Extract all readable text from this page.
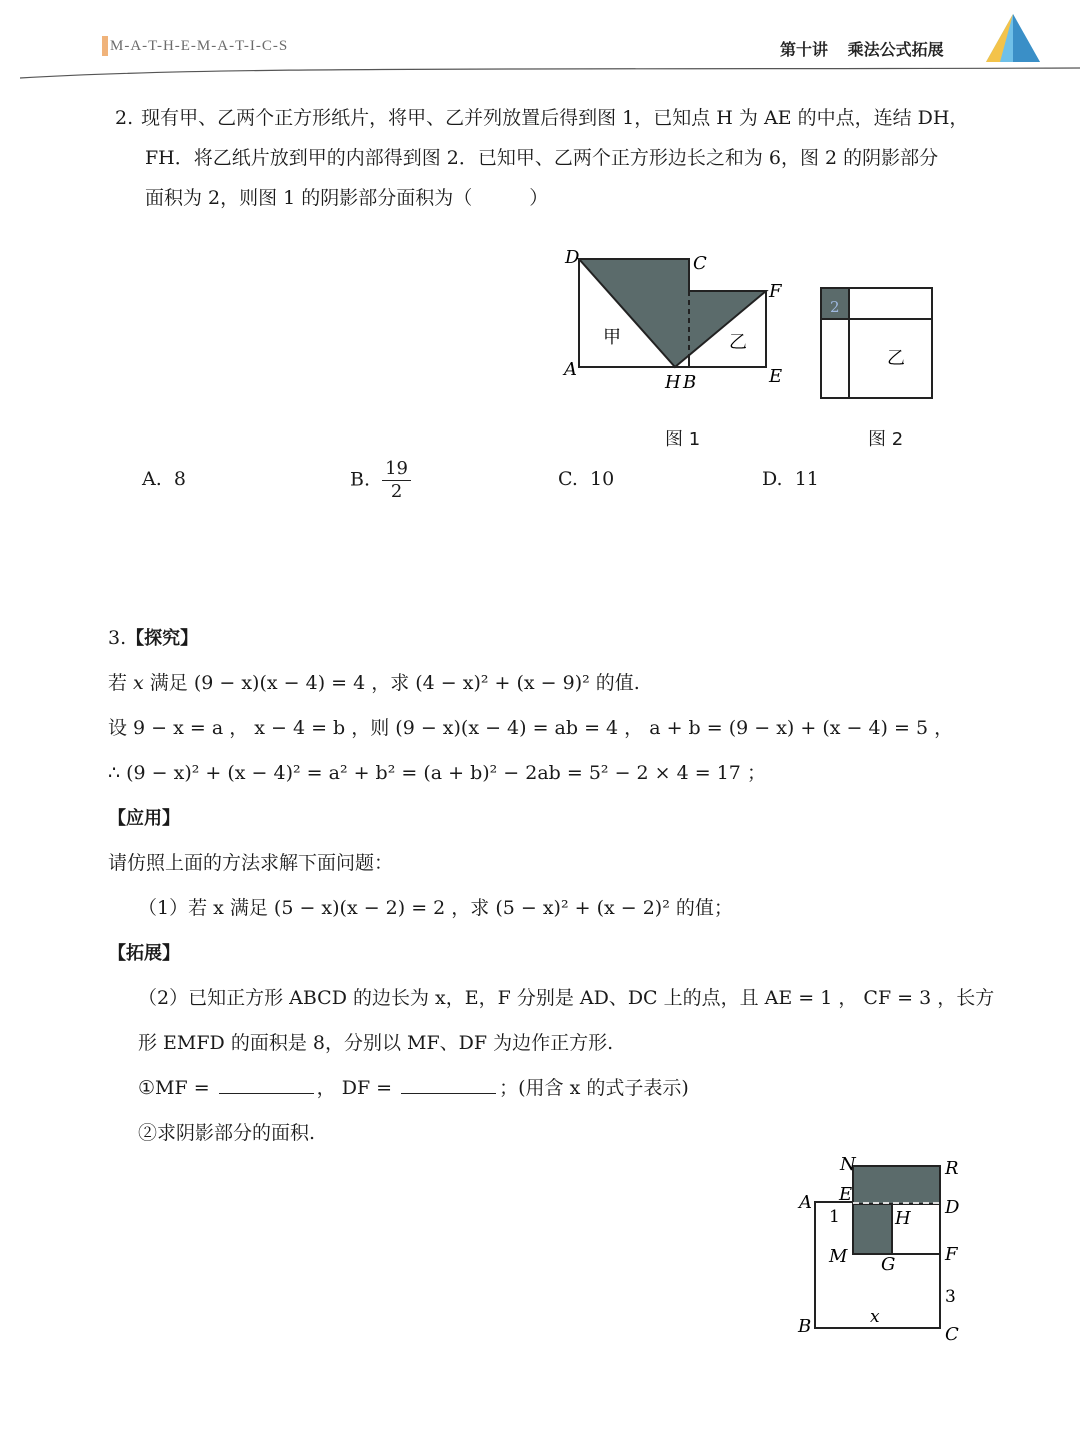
M-A-T-H-E-M-A-T-I-C-S	第十讲 乘法公式拓展
2. 现有甲、乙两个正方形纸片，将甲、乙并列放置后得到图 1，已知点 H 为 AE 的中点，连结 DH，
FH．将乙纸片放到甲的内部得到图 2．已知甲、乙两个正方形边长之和为 6，图 2 的阴影部分
面积为 2，则图 1 的阴影部分面积为（　　　）
D	C
F
A
H B	E
甲	乙
2
乙
图 1	图 2
A. 8	B. $\frac{19}{2}$	C. 10	D. 11
3.【探究】
若 x 满足 (9 − x)(x − 4) = 4 ，求 (4 − x)² + (x − 9)² 的值.
设 9 − x = a ， x − 4 = b ，则 (9 − x)(x − 4) = ab = 4 ， a + b = (9 − x) + (x − 4) = 5 ，
∴ (9 − x)² + (x − 4)² = a² + b² = (a + b)² − 2ab = 5² − 2 × 4 = 17 ；
【应用】
请仿照上面的方法求解下面问题：
（1）若 x 满足 (5 − x)(x − 2) = 2 ，求 (5 − x)² + (x − 2)² 的值；
【拓展】
（2）已知正方形 ABCD 的边长为 x，E，F 分别是 AD、DC 上的点，且 AE = 1 ， CF = 3 ，长方
形 EMFD 的面积是 8，分别以 MF、DF 为边作正方形.
①MF =	， DF =	；(用含 x 的式子表示)
②求阴影部分的面积.
N	R
A E
D
1	H
M G	F
3
B	x
C
